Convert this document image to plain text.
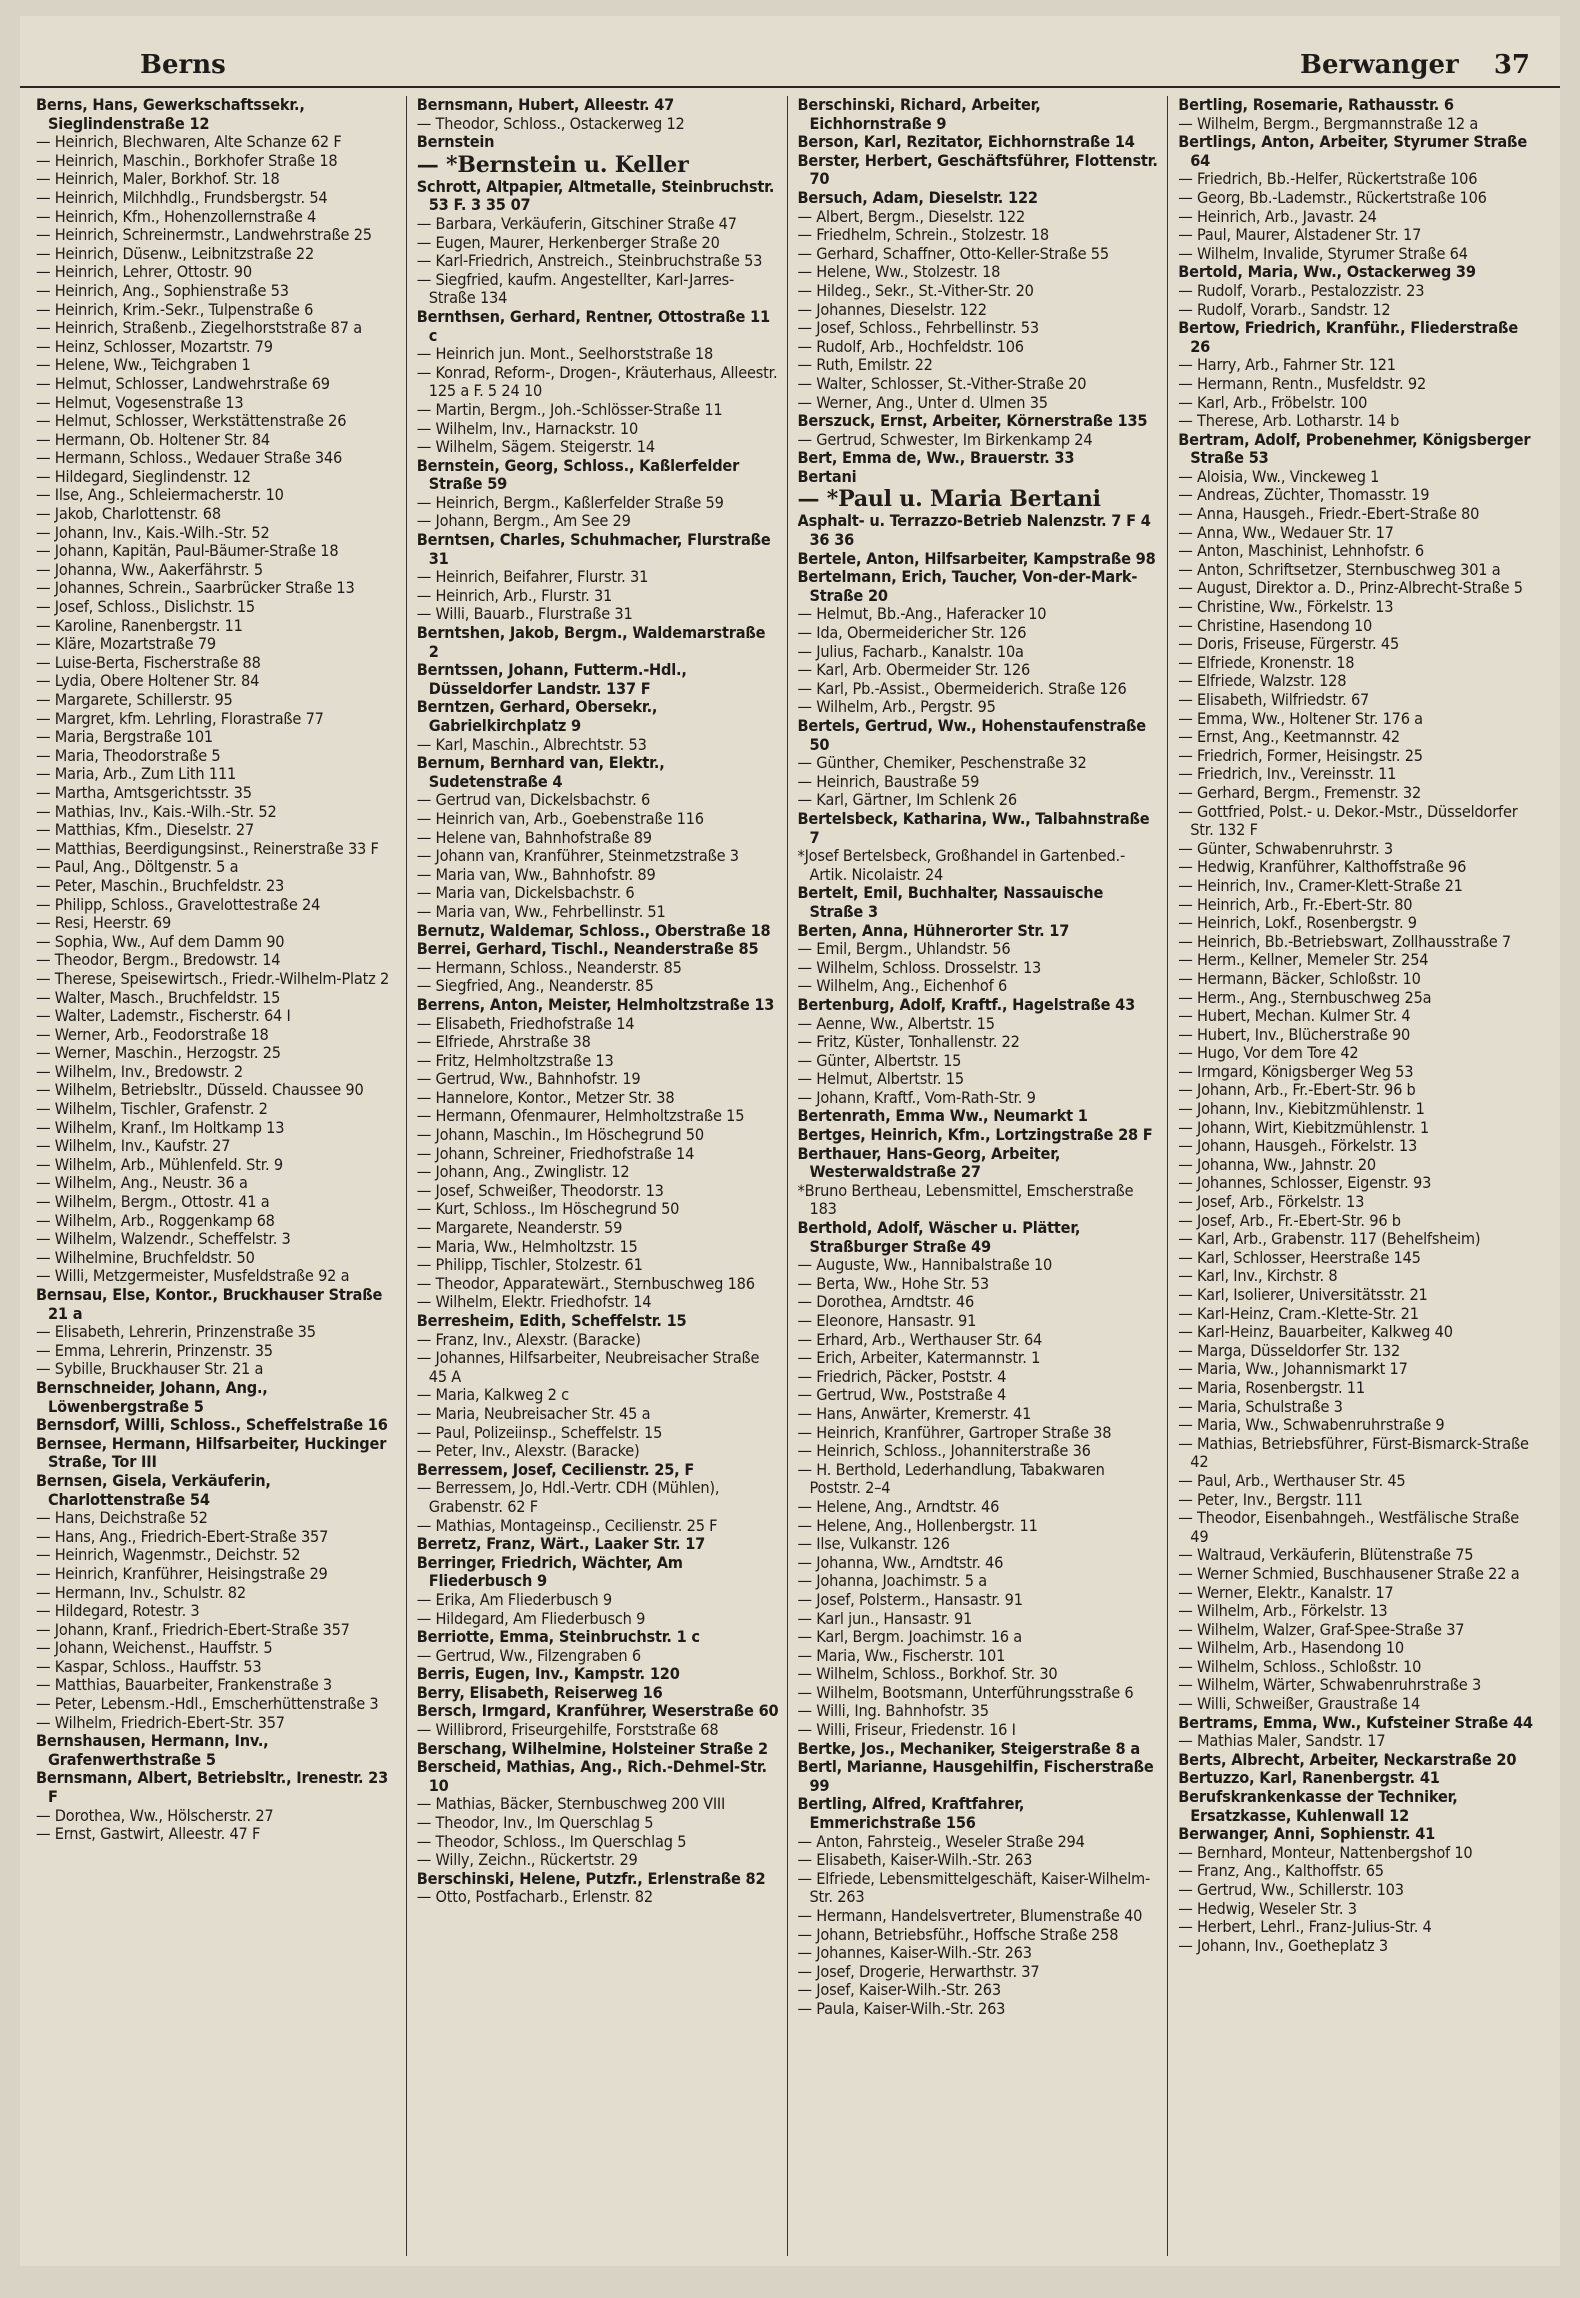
Berns	Berwanger 37
Berns, Hans, Gewerkschaftssekr., Sieglindenstraße 12
— Heinrich, Blechwaren, Alte Schanze 62 F
— Heinrich, Maschin., Borkhofer Straße 18
— Heinrich, Maler, Borkhof. Str. 18
— Heinrich, Milchhdlg., Frundsbergstr. 54
— Heinrich, Kfm., Hohenzollernstraße 4
— Heinrich, Schreinermstr., Landwehrstraße 25
— Heinrich, Düsenw., Leibnitzstraße 22
— Heinrich, Lehrer, Ottostr. 90
— Heinrich, Ang., Sophienstraße 53
— Heinrich, Krim.-Sekr., Tulpenstraße 6
— Heinrich, Straßenb., Ziegelhorststraße 87 a
— Heinz, Schlosser, Mozartstr. 79
— Helene, Ww., Teichgraben 1
— Helmut, Schlosser, Landwehrstraße 69
— Helmut, Vogesenstraße 13
— Helmut, Schlosser, Werkstättenstraße 26
— Hermann, Ob. Holtener Str. 84
— Hermann, Schloss., Wedauer Straße 346
— Hildegard, Sieglindenstr. 12
— Ilse, Ang., Schleiermacherstr. 10
— Jakob, Charlottenstr. 68
— Johann, Inv., Kais.-Wilh.-Str. 52
— Johann, Kapitän, Paul-Bäumer-Straße 18
— Johanna, Ww., Aakerfährstr. 5
— Johannes, Schrein., Saarbrücker Straße 13
— Josef, Schloss., Dislichstr. 15
— Karoline, Ranenbergstr. 11
— Kläre, Mozartstraße 79
— Luise-Berta, Fischerstraße 88
— Lydia, Obere Holtener Str. 84
— Margarete, Schillerstr. 95
— Margret, kfm. Lehrling, Florastraße 77
— Maria, Bergstraße 101
— Maria, Theodorstraße 5
— Maria, Arb., Zum Lith 111
— Martha, Amtsgerichtsstr. 35
— Mathias, Inv., Kais.-Wilh.-Str. 52
— Matthias, Kfm., Dieselstr. 27
— Matthias, Beerdigungsinst., Reinerstraße 33 F
— Paul, Ang., Döltgenstr. 5 a
— Peter, Maschin., Bruchfeldstr. 23
— Philipp, Schloss., Gravelottestraße 24
— Resi, Heerstr. 69
— Sophia, Ww., Auf dem Damm 90
— Theodor, Bergm., Bredowstr. 14
— Therese, Speisewirtsch., Friedr.-Wilhelm-Platz 2
— Walter, Masch., Bruchfeldstr. 15
— Walter, Lademstr., Fischerstr. 64 I
— Werner, Arb., Feodorstraße 18
— Werner, Maschin., Herzogstr. 25
— Wilhelm, Inv., Bredowstr. 2
— Wilhelm, Betriebsltr., Düsseld. Chaussee 90
— Wilhelm, Tischler, Grafenstr. 2
— Wilhelm, Kranf., Im Holtkamp 13
— Wilhelm, Inv., Kaufstr. 27
— Wilhelm, Arb., Mühlenfeld. Str. 9
— Wilhelm, Ang., Neustr. 36 a
— Wilhelm, Bergm., Ottostr. 41 a
— Wilhelm, Arb., Roggenkamp 68
— Wilhelm, Walzendr., Scheffelstr. 3
— Wilhelmine, Bruchfeldstr. 50
— Willi, Metzgermeister, Musfeldstraße 92 a
Bernsau, Else, Kontor., Bruckhauser Straße 21 a
— Elisabeth, Lehrerin, Prinzenstraße 35
— Emma, Lehrerin, Prinzenstr. 35
— Sybille, Bruckhauser Str. 21 a
Bernschneider, Johann, Ang., Löwenbergstraße 5
Bernsdorf, Willi, Schloss., Scheffelstraße 16
Bernsee, Hermann, Hilfsarbeiter, Huckinger Straße, Tor III
Bernsen, Gisela, Verkäuferin, Charlottenstraße 54
— Hans, Deichstraße 52
— Hans, Ang., Friedrich-Ebert-Straße 357
— Heinrich, Wagenmstr., Deichstr. 52
— Heinrich, Kranführer, Heisingstraße 29
— Hermann, Inv., Schulstr. 82
— Hildegard, Rotestr. 3
— Johann, Kranf., Friedrich-Ebert-Straße 357
— Johann, Weichenst., Hauffstr. 5
— Kaspar, Schloss., Hauffstr. 53
— Matthias, Bauarbeiter, Frankenstraße 3
— Peter, Lebensm.-Hdl., Emscherhüttenstraße 3
— Wilhelm, Friedrich-Ebert-Str. 357
Bernshausen, Hermann, Inv., Grafenwerthstraße 5
Bernsmann, Albert, Betriebsltr., Irenestr. 23 F
— Dorothea, Ww., Hölscherstr. 27
— Ernst, Gastwirt, Alleestr. 47 F
Bernsmann, Hubert, Alleestr. 47
— Theodor, Schloss., Ostackerweg 12
Bernstein
— *Bernstein u. Keller
Schrott, Altpapier, Altmetalle, Steinbruchstr. 53 F. 3 35 07
— Barbara, Verkäuferin, Gitschiner Straße 47
— Eugen, Maurer, Herkenberger Straße 20
— Karl-Friedrich, Anstreich., Steinbruchstraße 53
— Siegfried, kaufm. Angestellter, Karl-Jarres-Straße 134
Bernthsen, Gerhard, Rentner, Ottostraße 11 c
— Heinrich jun. Mont., Seelhorststraße 18
— Konrad, Reform-, Drogen-, Kräuterhaus, Alleestr. 125 a F. 5 24 10
— Martin, Bergm., Joh.-Schlösser-Straße 11
— Wilhelm, Inv., Harnackstr. 10
— Wilhelm, Sägem. Steigerstr. 14
Bernstein, Georg, Schloss., Kaßlerfelder Straße 59
— Heinrich, Bergm., Kaßlerfelder Straße 59
— Johann, Bergm., Am See 29
Berntsen, Charles, Schuhmacher, Flurstraße 31
— Heinrich, Beifahrer, Flurstr. 31
— Heinrich, Arb., Flurstr. 31
— Willi, Bauarb., Flurstraße 31
Berntshen, Jakob, Bergm., Waldemarstraße 2
Berntssen, Johann, Futterm.-Hdl., Düsseldorfer Landstr. 137 F
Berntzen, Gerhard, Obersekr., Gabrielkirchplatz 9
— Karl, Maschin., Albrechtstr. 53
Bernum, Bernhard van, Elektr., Sudetenstraße 4
— Gertrud van, Dickelsbachstr. 6
— Heinrich van, Arb., Goebenstraße 116
— Helene van, Bahnhofstraße 89
— Johann van, Kranführer, Steinmetzstraße 3
— Maria van, Ww., Bahnhofstr. 89
— Maria van, Dickelsbachstr. 6
— Maria van, Ww., Fehrbellinstr. 51
Bernutz, Waldemar, Schloss., Oberstraße 18
Berrei, Gerhard, Tischl., Neanderstraße 85
— Hermann, Schloss., Neanderstr. 85
— Siegfried, Ang., Neanderstr. 85
Berrens, Anton, Meister, Helmholtzstraße 13
— Elisabeth, Friedhofstraße 14
— Elfriede, Ahrstraße 38
— Fritz, Helmholtzstraße 13
— Gertrud, Ww., Bahnhofstr. 19
— Hannelore, Kontor., Metzer Str. 38
— Hermann, Ofenmaurer, Helmholtzstraße 15
— Johann, Maschin., Im Höschegrund 50
— Johann, Schreiner, Friedhofstraße 14
— Johann, Ang., Zwinglistr. 12
— Josef, Schweißer, Theodorstr. 13
— Kurt, Schloss., Im Höschegrund 50
— Margarete, Neanderstr. 59
— Maria, Ww., Helmholtzstr. 15
— Philipp, Tischler, Stolzestr. 61
— Theodor, Apparatewärt., Sternbuschweg 186
— Wilhelm, Elektr. Friedhofstr. 14
Berresheim, Edith, Scheffelstr. 15
— Franz, Inv., Alexstr. (Baracke)
— Johannes, Hilfsarbeiter, Neubreisacher Straße 45 A
— Maria, Kalkweg 2 c
— Maria, Neubreisacher Str. 45 a
— Paul, Polizeiinsp., Scheffelstr. 15
— Peter, Inv., Alexstr. (Baracke)
Berressem, Josef, Cecilienstr. 25, F
— Berressem, Jo, Hdl.-Vertr. CDH (Mühlen), Grabenstr. 62 F
— Mathias, Montageinsp., Cecilienstr. 25 F
Berretz, Franz, Wärt., Laaker Str. 17
Berringer, Friedrich, Wächter, Am Fliederbusch 9
— Erika, Am Fliederbusch 9
— Hildegard, Am Fliederbusch 9
Berriotte, Emma, Steinbruchstr. 1 c
— Gertrud, Ww., Filzengraben 6
Berris, Eugen, Inv., Kampstr. 120
Berry, Elisabeth, Reiserweg 16
Bersch, Irmgard, Kranführer, Weserstraße 60
— Willibrord, Friseurgehilfe, Forststraße 68
Berschang, Wilhelmine, Holsteiner Straße 2
Berscheid, Mathias, Ang., Rich.-Dehmel-Str. 10
— Mathias, Bäcker, Sternbuschweg 200 VIII
— Theodor, Inv., Im Querschlag 5
— Theodor, Schloss., Im Querschlag 5
— Willy, Zeichn., Rückertstr. 29
Berschinski, Helene, Putzfr., Erlenstraße 82
— Otto, Postfacharb., Erlenstr. 82
Berschinski, Richard, Arbeiter, Eichhornstraße 9
Berson, Karl, Rezitator, Eichhornstraße 14
Berster, Herbert, Geschäftsführer, Flottenstr. 70
Bersuch, Adam, Dieselstr. 122
— Albert, Bergm., Dieselstr. 122
— Friedhelm, Schrein., Stolzestr. 18
— Gerhard, Schaffner, Otto-Keller-Straße 55
— Helene, Ww., Stolzestr. 18
— Hildeg., Sekr., St.-Vither-Str. 20
— Johannes, Dieselstr. 122
— Josef, Schloss., Fehrbellinstr. 53
— Rudolf, Arb., Hochfeldstr. 106
— Ruth, Emilstr. 22
— Walter, Schlosser, St.-Vither-Straße 20
— Werner, Ang., Unter d. Ulmen 35
Berszuck, Ernst, Arbeiter, Körnerstraße 135
— Gertrud, Schwester, Im Birkenkamp 24
Bert, Emma de, Ww., Brauerstr. 33
Bertani
— *Paul u. Maria Bertani
Asphalt- u. Terrazzo-Betrieb Nalenzstr. 7 F 4 36 36
Bertele, Anton, Hilfsarbeiter, Kampstraße 98
Bertelmann, Erich, Taucher, Von-der-Mark-Straße 20
— Helmut, Bb.-Ang., Haferacker 10
— Ida, Obermeidericher Str. 126
— Julius, Facharb., Kanalstr. 10a
— Karl, Arb. Obermeider Str. 126
— Karl, Pb.-Assist., Obermeiderich. Straße 126
— Wilhelm, Arb., Pergstr. 95
Bertels, Gertrud, Ww., Hohenstaufenstraße 50
— Günther, Chemiker, Peschenstraße 32
— Heinrich, Baustraße 59
— Karl, Gärtner, Im Schlenk 26
Bertelsbeck, Katharina, Ww., Talbahnstraße 7
*Josef Bertelsbeck, Großhandel in Gartenbed.-Artik. Nicolaistr. 24
Bertelt, Emil, Buchhalter, Nassauische Straße 3
Berten, Anna, Hühnerorter Str. 17
— Emil, Bergm., Uhlandstr. 56
— Wilhelm, Schloss. Drosselstr. 13
— Wilhelm, Ang., Eichenhof 6
Bertenburg, Adolf, Kraftf., Hagelstraße 43
— Aenne, Ww., Albertstr. 15
— Fritz, Küster, Tonhallenstr. 22
— Günter, Albertstr. 15
— Helmut, Albertstr. 15
— Johann, Kraftf., Vom-Rath-Str. 9
Bertenrath, Emma Ww., Neumarkt 1
Bertges, Heinrich, Kfm., Lortzingstraße 28 F
Berthauer, Hans-Georg, Arbeiter, Westerwaldstraße 27
*Bruno Bertheau, Lebensmittel, Emscherstraße 183
Berthold, Adolf, Wäscher u. Plätter, Straßburger Straße 49
— Auguste, Ww., Hannibalstraße 10
— Berta, Ww., Hohe Str. 53
— Dorothea, Arndtstr. 46
— Eleonore, Hansastr. 91
— Erhard, Arb., Werthauser Str. 64
— Erich, Arbeiter, Katermannstr. 1
— Friedrich, Päcker, Poststr. 4
— Gertrud, Ww., Poststraße 4
— Hans, Anwärter, Kremerstr. 41
— Heinrich, Kranführer, Gartroper Straße 38
— Heinrich, Schloss., Johanniterstraße 36
— H. Berthold, Lederhandlung, Tabakwaren Poststr. 2–4
— Helene, Ang., Arndtstr. 46
— Helene, Ang., Hollenbergstr. 11
— Ilse, Vulkanstr. 126
— Johanna, Ww., Arndtstr. 46
— Johanna, Joachimstr. 5 a
— Josef, Polsterm., Hansastr. 91
— Karl jun., Hansastr. 91
— Karl, Bergm. Joachimstr. 16 a
— Maria, Ww., Fischerstr. 101
— Wilhelm, Schloss., Borkhof. Str. 30
— Wilhelm, Bootsmann, Unterführungsstraße 6
— Willi, Ing. Bahnhofstr. 35
— Willi, Friseur, Friedenstr. 16 I
Bertke, Jos., Mechaniker, Steigerstraße 8 a
Bertl, Marianne, Hausgehilfin, Fischerstraße 99
Bertling, Alfred, Kraftfahrer, Emmerichstraße 156
— Anton, Fahrsteig., Weseler Straße 294
— Elisabeth, Kaiser-Wilh.-Str. 263
— Elfriede, Lebensmittelgeschäft, Kaiser-Wilhelm-Str. 263
— Hermann, Handelsvertreter, Blumenstraße 40
— Johann, Betriebsführ., Hoffsche Straße 258
— Johannes, Kaiser-Wilh.-Str. 263
— Josef, Drogerie, Herwarthstr. 37
— Josef, Kaiser-Wilh.-Str. 263
— Paula, Kaiser-Wilh.-Str. 263
Bertling, Rosemarie, Rathausstr. 6
— Wilhelm, Bergm., Bergmannstraße 12 a
Bertlings, Anton, Arbeiter, Styrumer Straße 64
— Friedrich, Bb.-Helfer, Rückertstraße 106
— Georg, Bb.-Lademstr., Rückertstraße 106
— Heinrich, Arb., Javastr. 24
— Paul, Maurer, Alstadener Str. 17
— Wilhelm, Invalide, Styrumer Straße 64
Bertold, Maria, Ww., Ostackerweg 39
— Rudolf, Vorarb., Pestalozzistr. 23
— Rudolf, Vorarb., Sandstr. 12
Bertow, Friedrich, Kranführ., Fliederstraße 26
— Harry, Arb., Fahrner Str. 121
— Hermann, Rentn., Musfeldstr. 92
— Karl, Arb., Fröbelstr. 100
— Therese, Arb. Lotharstr. 14 b
Bertram, Adolf, Probenehmer, Königsberger Straße 53
— Aloisia, Ww., Vinckeweg 1
— Andreas, Züchter, Thomasstr. 19
— Anna, Hausgeh., Friedr.-Ebert-Straße 80
— Anna, Ww., Wedauer Str. 17
— Anton, Maschinist, Lehnhofstr. 6
— Anton, Schriftsetzer, Sternbuschweg 301 a
— August, Direktor a. D., Prinz-Albrecht-Straße 5
— Christine, Ww., Förkelstr. 13
— Christine, Hasendong 10
— Doris, Friseuse, Fürgerstr. 45
— Elfriede, Kronenstr. 18
— Elfriede, Walzstr. 128
— Elisabeth, Wilfriedstr. 67
— Emma, Ww., Holtener Str. 176 a
— Ernst, Ang., Keetmannstr. 42
— Friedrich, Former, Heisingstr. 25
— Friedrich, Inv., Vereinsstr. 11
— Gerhard, Bergm., Fremenstr. 32
— Gottfried, Polst.- u. Dekor.-Mstr., Düsseldorfer Str. 132 F
— Günter, Schwabenruhrstr. 3
— Hedwig, Kranführer, Kalthoffstraße 96
— Heinrich, Inv., Cramer-Klett-Straße 21
— Heinrich, Arb., Fr.-Ebert-Str. 80
— Heinrich, Lokf., Rosenbergstr. 9
— Heinrich, Bb.-Betriebswart, Zollhausstraße 7
— Herm., Kellner, Memeler Str. 254
— Hermann, Bäcker, Schloßstr. 10
— Herm., Ang., Sternbuschweg 25a
— Hubert, Mechan. Kulmer Str. 4
— Hubert, Inv., Blücherstraße 90
— Hugo, Vor dem Tore 42
— Irmgard, Königsberger Weg 53
— Johann, Arb., Fr.-Ebert-Str. 96 b
— Johann, Inv., Kiebitzmühlenstr. 1
— Johann, Wirt, Kiebitzmühlenstr. 1
— Johann, Hausgeh., Förkelstr. 13
— Johanna, Ww., Jahnstr. 20
— Johannes, Schlosser, Eigenstr. 93
— Josef, Arb., Förkelstr. 13
— Josef, Arb., Fr.-Ebert-Str. 96 b
— Karl, Arb., Grabenstr. 117 (Behelfsheim)
— Karl, Schlosser, Heerstraße 145
— Karl, Inv., Kirchstr. 8
— Karl, Isolierer, Universitätsstr. 21
— Karl-Heinz, Cram.-Klette-Str. 21
— Karl-Heinz, Bauarbeiter, Kalkweg 40
— Marga, Düsseldorfer Str. 132
— Maria, Ww., Johannismarkt 17
— Maria, Rosenbergstr. 11
— Maria, Schulstraße 3
— Maria, Ww., Schwabenruhrstraße 9
— Mathias, Betriebsführer, Fürst-Bismarck-Straße 42
— Paul, Arb., Werthauser Str. 45
— Peter, Inv., Bergstr. 111
— Theodor, Eisenbahngeh., Westfälische Straße 49
— Waltraud, Verkäuferin, Blütenstraße 75
— Werner Schmied, Buschhausener Straße 22 a
— Werner, Elektr., Kanalstr. 17
— Wilhelm, Arb., Förkelstr. 13
— Wilhelm, Walzer, Graf-Spee-Straße 37
— Wilhelm, Arb., Hasendong 10
— Wilhelm, Schloss., Schloßstr. 10
— Wilhelm, Wärter, Schwabenruhrstraße 3
— Willi, Schweißer, Graustraße 14
Bertrams, Emma, Ww., Kufsteiner Straße 44
— Mathias Maler, Sandstr. 17
Berts, Albrecht, Arbeiter, Neckarstraße 20
Bertuzzo, Karl, Ranenbergstr. 41
Berufskrankenkasse der Techniker, Ersatzkasse, Kuhlenwall 12
Berwanger, Anni, Sophienstr. 41
— Bernhard, Monteur, Nattenbergshof 10
— Franz, Ang., Kalthoffstr. 65
— Gertrud, Ww., Schillerstr. 103
— Hedwig, Weseler Str. 3
— Herbert, Lehrl., Franz-Julius-Str. 4
— Johann, Inv., Goetheplatz 3
